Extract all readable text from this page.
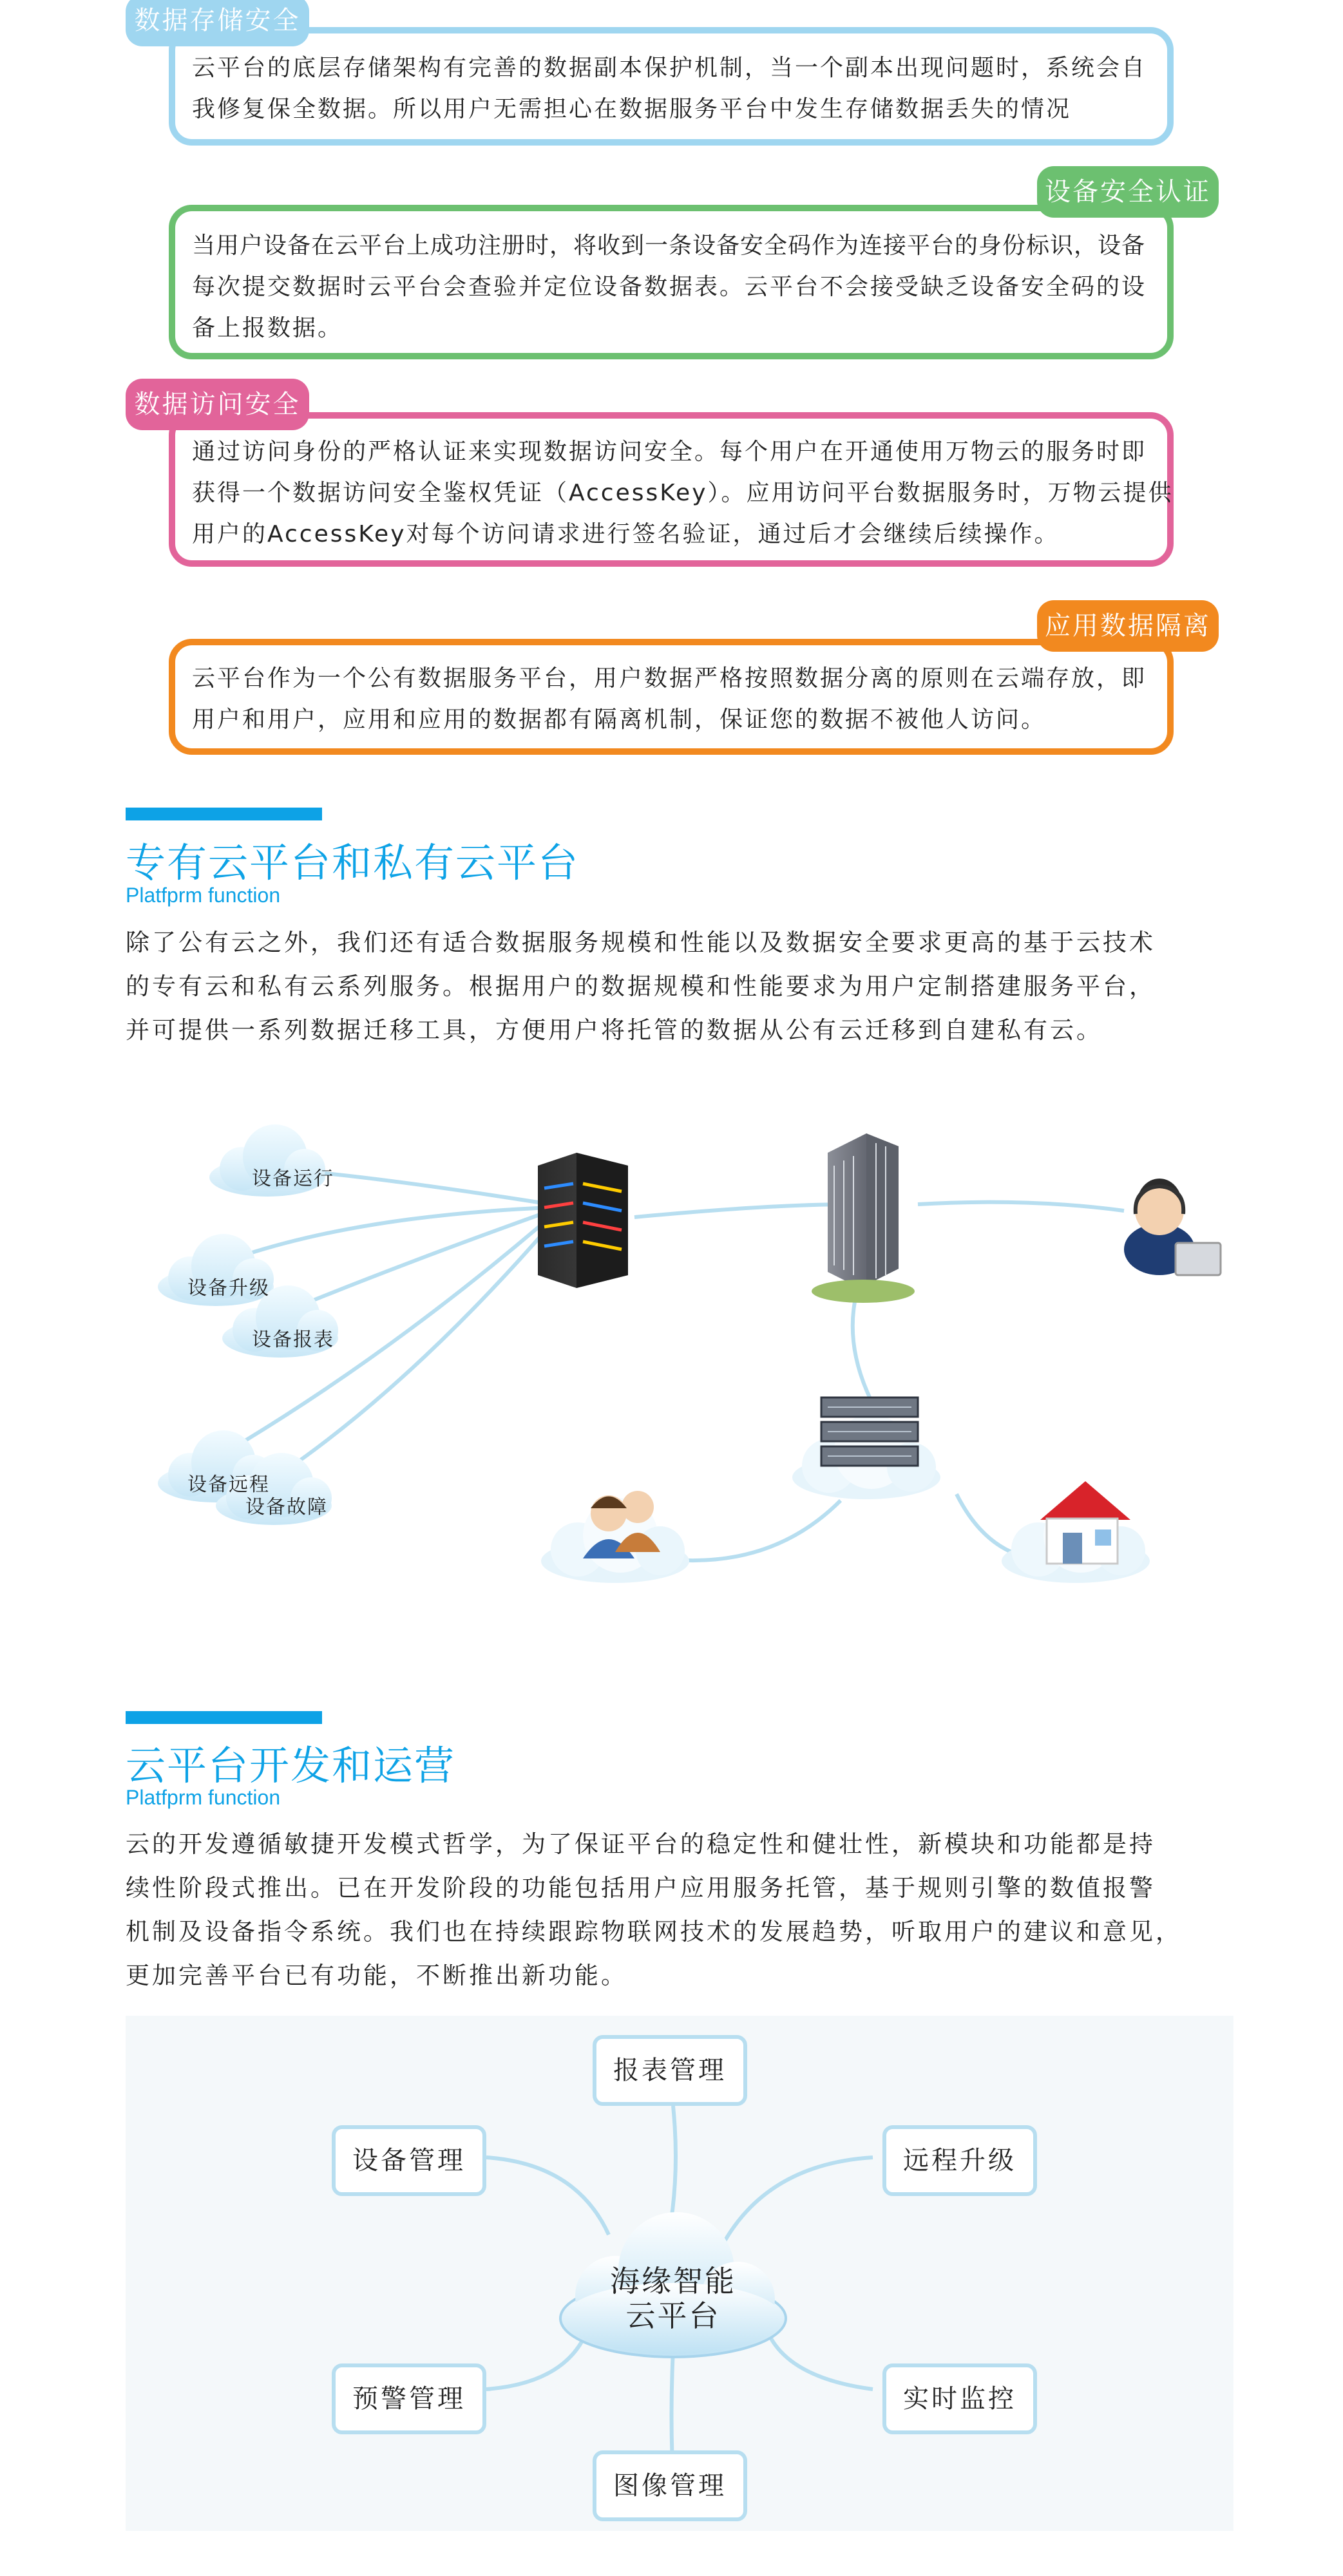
云平台的底层存储架构有完善的数据副本保护机制，当一个副本出现问题时，系统会自
我修复保全数据。所以用户无需担心在数据服务平台中发生存储数据丢失的情况
数据存储安全
当用户设备在云平台上成功注册时，将收到一条设备安全码作为连接平台的身份标识，设备
每次提交数据时云平台会查验并定位设备数据表。云平台不会接受缺乏设备安全码的设
备上报数据。
设备安全认证
通过访问身份的严格认证来实现数据访问安全。每个用户在开通使用万物云的服务时即
获得一个数据访问安全鉴权凭证（AccessKey）。应用访问平台数据服务时，万物云提供
用户的AccessKey对每个访问请求进行签名验证，通过后才会继续后续操作。
数据访问安全
云平台作为一个公有数据服务平台，用户数据严格按照数据分离的原则在云端存放，即
用户和用户，应用和应用的数据都有隔离机制，保证您的数据不被他人访问。
应用数据隔离
专有云平台和私有云平台
Platfprm function
除了公有云之外，我们还有适合数据服务规模和性能以及数据安全要求更高的基于云技术
的专有云和私有云系列服务。根据用户的数据规模和性能要求为用户定制搭建服务平台，
并可提供一系列数据迁移工具，方便用户将托管的数据从公有云迁移到自建私有云。
设备运行
设备升级
设备报表
设备远程
设备故障
云平台开发和运营
Platfprm function
云的开发遵循敏捷开发模式哲学，为了保证平台的稳定性和健壮性，新模块和功能都是持
续性阶段式推出。已在开发阶段的功能包括用户应用服务托管，基于规则引擎的数值报警
机制及设备指令系统。我们也在持续跟踪物联网技术的发展趋势，听取用户的建议和意见，
更加完善平台已有功能，不断推出新功能。
海缘智能
云平台
报表管理
设备管理	远程升级
预警管理	实时监控
图像管理
